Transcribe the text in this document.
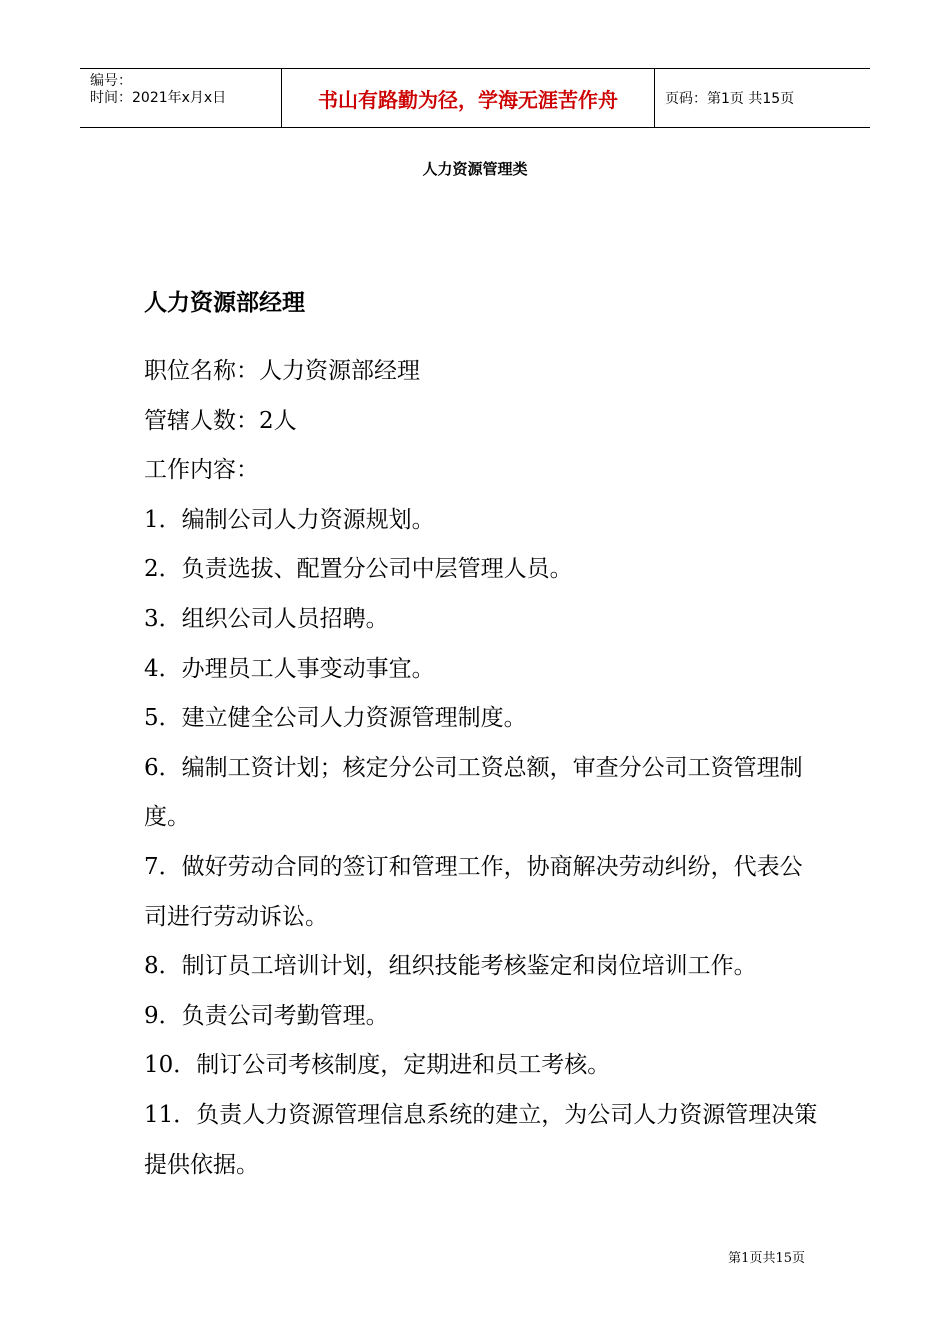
编号：
时间：2021年x月x日	书山有路勤为径，学海无涯苦作舟	页码：第1页 共15页
人力资源管理类
人力资源部经理

职位名称：人力资源部经理

管辖人数：2人

工作内容：

1．编制公司人力资源规划。

2．负责选拔、配置分公司中层管理人员。

3．组织公司人员招聘。

4．办理员工人事变动事宜。

5．建立健全公司人力资源管理制度。

6．编制工资计划；核定分公司工资总额，审查分公司工资管理制度。

7．做好劳动合同的签订和管理工作，协商解决劳动纠纷，代表公司进行劳动诉讼。

8．制订员工培训计划，组织技能考核鉴定和岗位培训工作。

9．负责公司考勤管理。

10．制订公司考核制度，定期进和员工考核。

11．负责人力资源管理信息系统的建立，为公司人力资源管理决策提供依据。

第1页共15页
